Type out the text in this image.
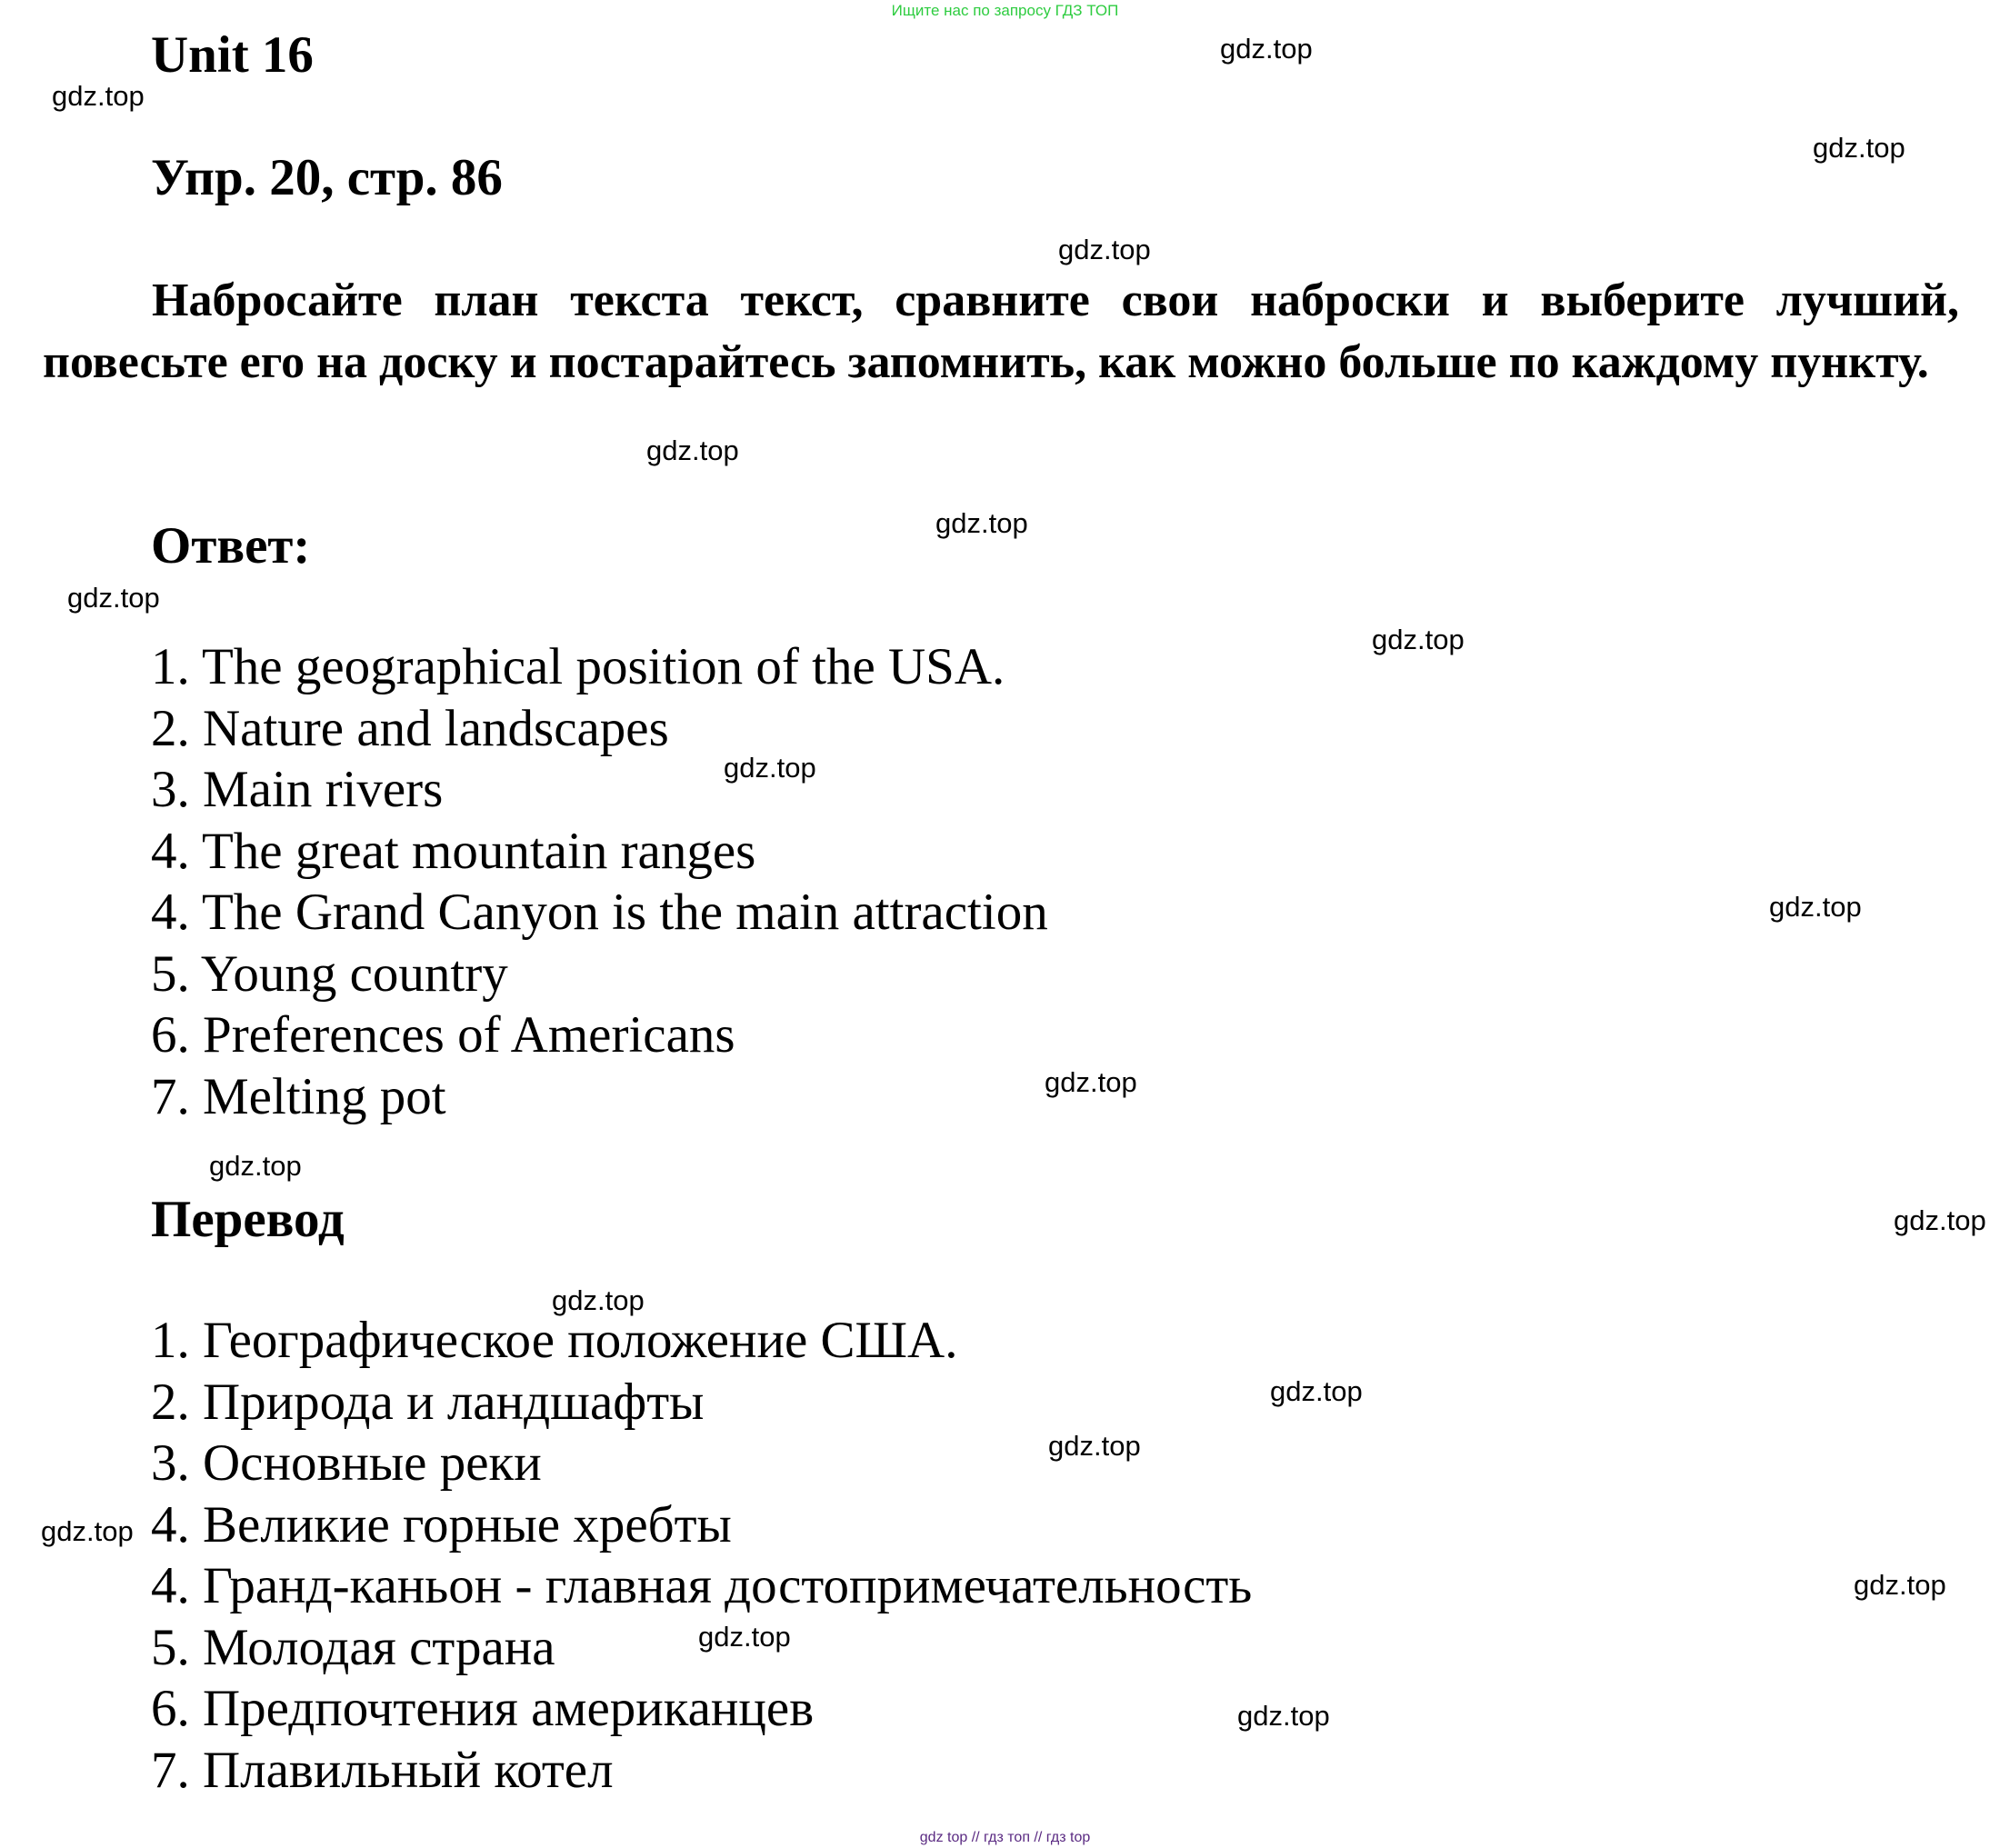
Ищите нас по запросу ГДЗ ТОП
Unit 16
Упр. 20, стр. 86
Набросайте план текста текст, сравните свои наброски и выберите лучший, повесьте его на доску и постарайтесь запомнить, как можно больше по каждому пункту.
Ответ:
1. The geographical position of the USA.
2. Nature and landscapes
3. Main rivers
4. The great mountain ranges
4. The Grand Canyon is the main attraction
5. Young country
6. Preferences of Americans
7. Melting pot
Перевод
1. Географическое положение США.
2. Природа и ландшафты
3. Основные реки
4. Великие горные хребты
4. Гранд-каньон - главная достопримечательность
5. Молодая страна
6. Предпочтения американцев
7. Плавильный котел
gdz.top
gdz.top
gdz.top
gdz.top
gdz.top
gdz.top
gdz.top
gdz.top
gdz.top
gdz.top
gdz.top
gdz.top
gdz.top
gdz.top
gdz.top
gdz.top
gdz.top
gdz.top
gdz.top
gdz.top
gdz top // гдз топ // гдз top
